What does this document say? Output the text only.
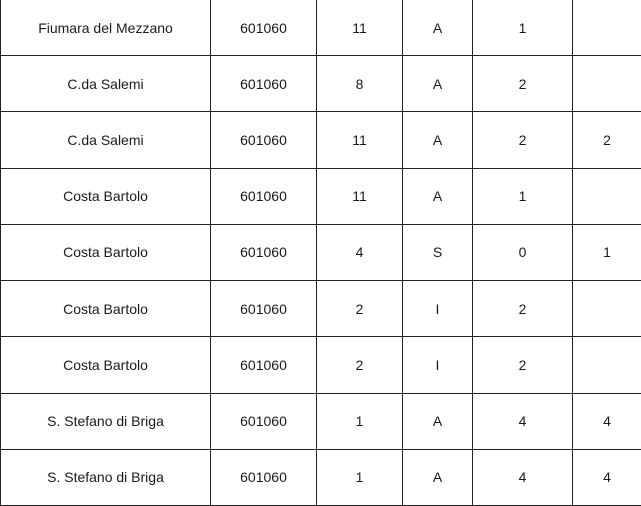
Fiumara del Mezzano	601060	11	A	1	
C.da Salemi	601060	8	A	2	
C.da Salemi	601060	11	A	2	2
Costa Bartolo	601060	11	A	1	
Costa Bartolo	601060	4	S	0	1
Costa Bartolo	601060	2	I	2	
Costa Bartolo	601060	2	I	2	
S. Stefano di Briga	601060	1	A	4	4
S. Stefano di Briga	601060	1	A	4	4
